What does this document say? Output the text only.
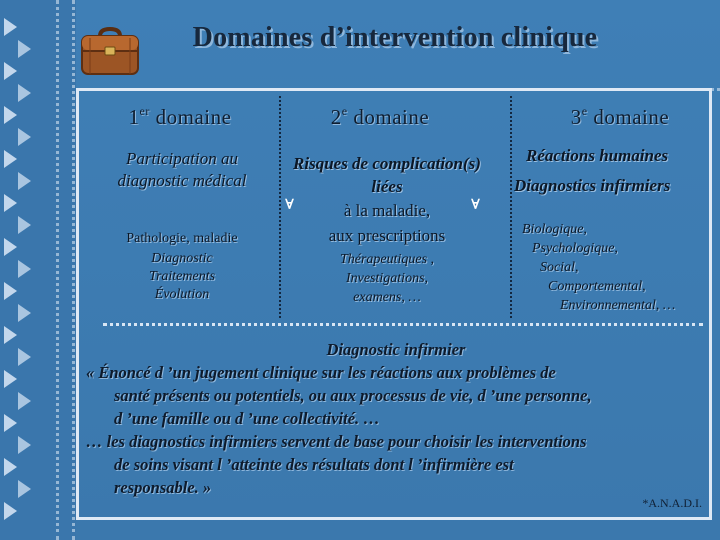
Domaines d’intervention clinique
1er domaine
Participation au
diagnostic médical
Pathologie, maladie
Diagnostic
Traitements
Évolution
2e domaine
Risques de complication(s)
liées
à la maladie,
aux prescriptions
∀	∀
Thérapeutiques ,
Investigations,
examens, …
3e domaine
Réactions humaines
Diagnostics infirmiers
Biologique,
Psychologique,
Social,
Comportemental,
Environnemental, …
Diagnostic infirmier
« Énoncé d ’un jugement clinique sur les réactions aux problèmes de
santé présents ou potentiels, ou aux processus de vie, d ’une personne,
d ’une famille ou d ’une collectivité. …
… les diagnostics infirmiers servent de base pour choisir les interventions
de soins visant l ’atteinte des résultats dont l ’infirmière est
responsable. »
*A.N.A.D.I.
